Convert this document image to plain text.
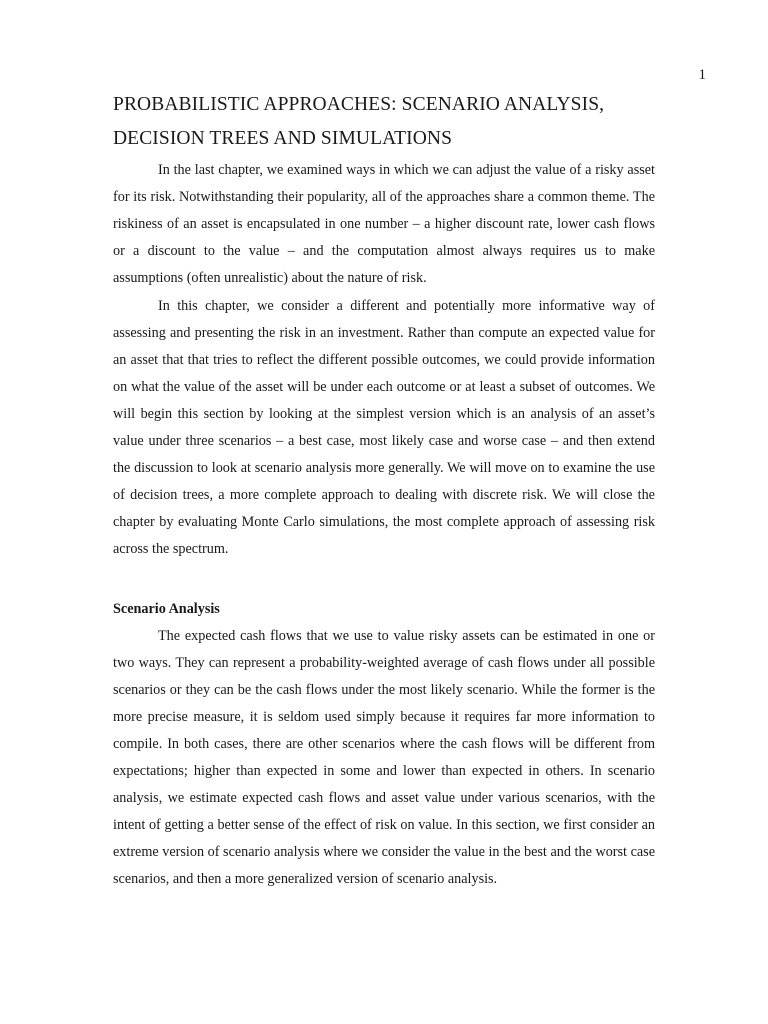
1
PROBABILISTIC APPROACHES: SCENARIO ANALYSIS,
DECISION TREES AND SIMULATIONS

In the last chapter, we examined ways in which we can adjust the value of a risky asset for its risk. Notwithstanding their popularity, all of the approaches share a common theme. The riskiness of an asset is encapsulated in one number – a higher discount rate, lower cash flows or a discount to the value – and the computation almost always requires us to make assumptions (often unrealistic) about the nature of risk.

In this chapter, we consider a different and potentially more informative way of assessing and presenting the risk in an investment. Rather than compute an expected value for an asset that that tries to reflect the different possible outcomes, we could provide information on what the value of the asset will be under each outcome or at least a subset of outcomes. We will begin this section by looking at the simplest version which is an analysis of an asset’s value under three scenarios – a best case, most likely case and worse case – and then extend the discussion to look at scenario analysis more generally. We will move on to examine the use of decision trees, a more complete approach to dealing with discrete risk. We will close the chapter by evaluating Monte Carlo simulations, the most complete approach of assessing risk across the spectrum.

Scenario Analysis

The expected cash flows that we use to value risky assets can be estimated in one or two ways. They can represent a probability-weighted average of cash flows under all possible scenarios or they can be the cash flows under the most likely scenario. While the former is the more precise measure, it is seldom used simply because it requires far more information to compile. In both cases, there are other scenarios where the cash flows will be different from expectations; higher than expected in some and lower than expected in others. In scenario analysis, we estimate expected cash flows and asset value under various scenarios, with the intent of getting a better sense of the effect of risk on value. In this section, we first consider an extreme version of scenario analysis where we consider the value in the best and the worst case scenarios, and then a more generalized version of scenario analysis.
